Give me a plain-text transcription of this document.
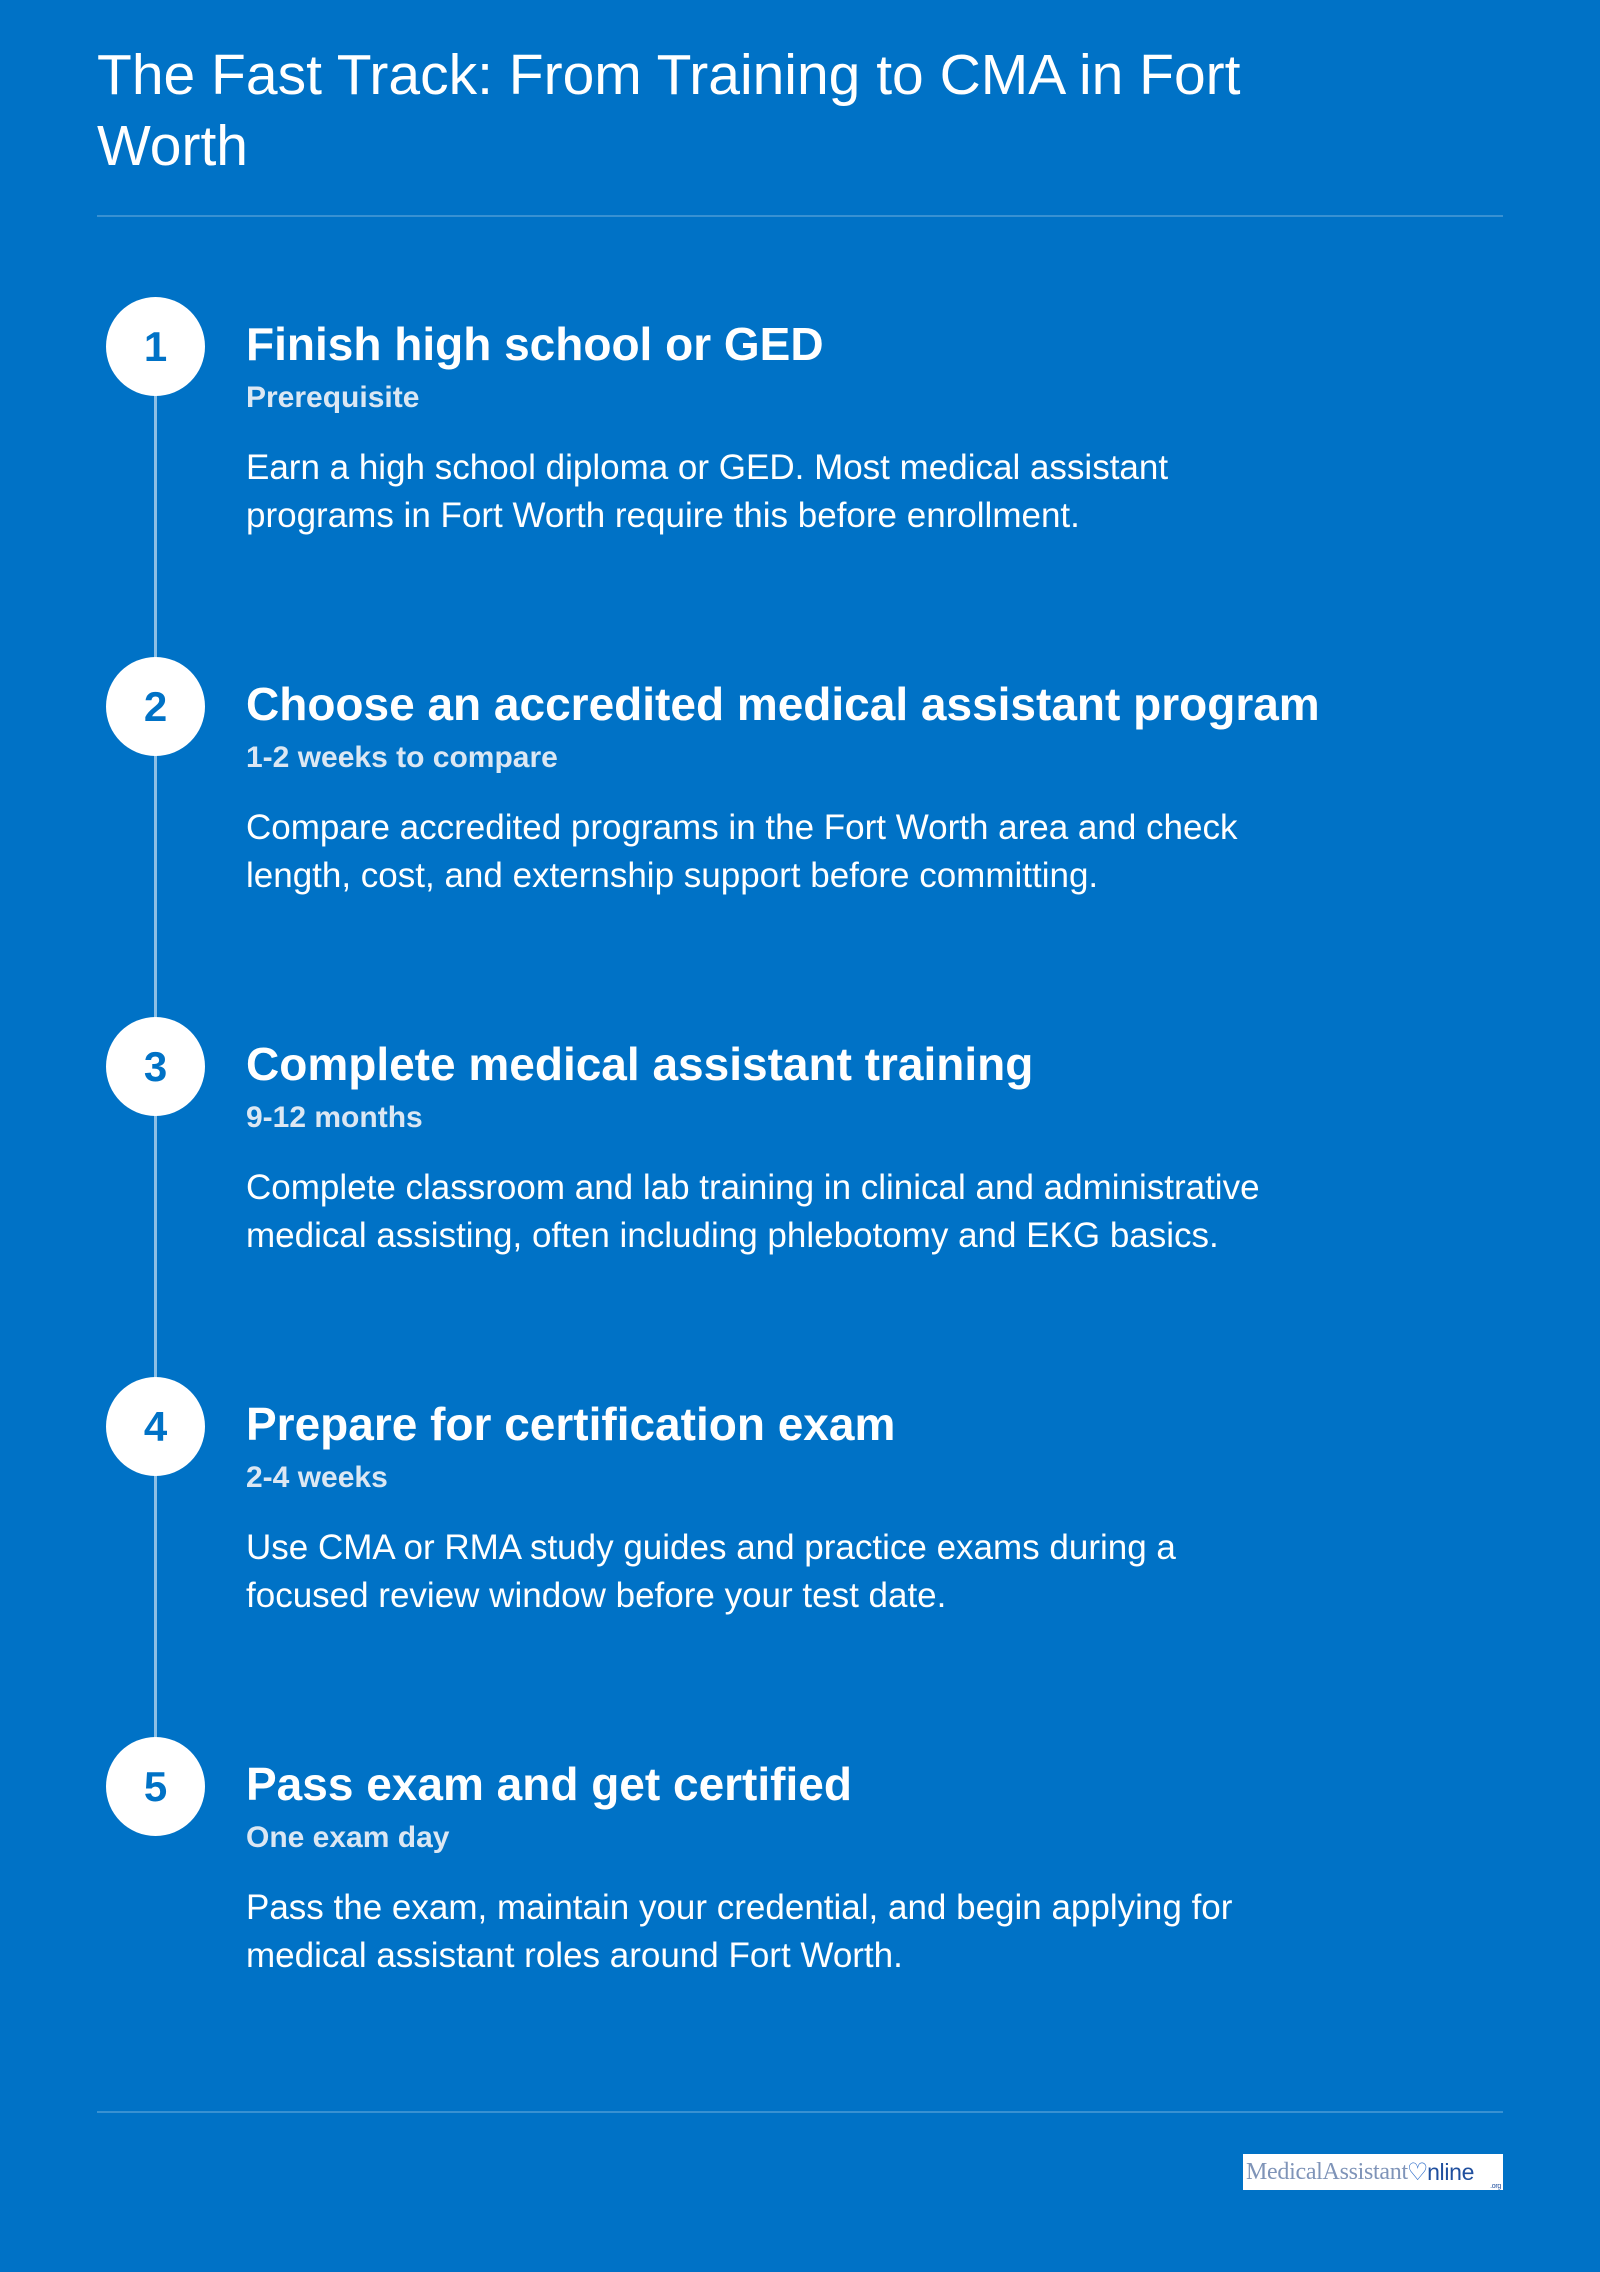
The Fast Track: From Training to CMA in Fort Worth
1	Finish high school or GED

Prerequisite

Earn a high school diploma or GED. Most medical assistant programs in Fort Worth require this before enrollment.

2	Choose an accredited medical assistant program

1-2 weeks to compare

Compare accredited programs in the Fort Worth area and check length, cost, and externship support before committing.

3	Complete medical assistant training

9-12 months

Complete classroom and lab training in clinical and administrative medical assisting, often including phlebotomy and EKG basics.

4	Prepare for certification exam

2-4 weeks

Use CMA or RMA study guides and practice exams during a focused review window before your test date.

5	Pass exam and get certified

One exam day

Pass the exam, maintain your credential, and begin applying for medical assistant roles around Fort Worth.

MedicalAssistant ♡ nline
.org
